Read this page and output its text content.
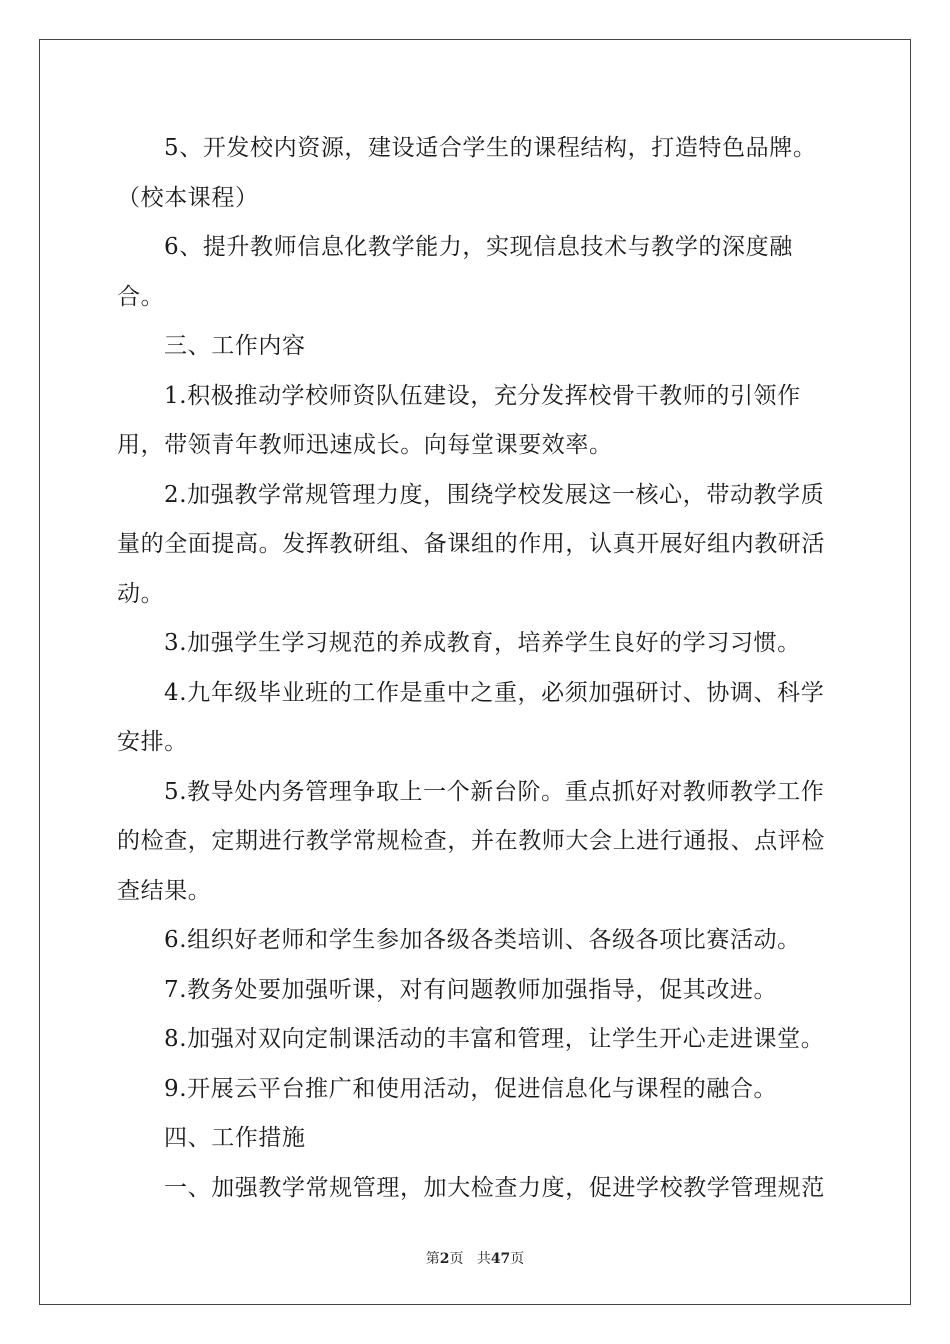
5、开发校内资源，建设适合学生的课程结构，打造特色品牌。

（校本课程）

6、提升教师信息化教学能力，实现信息技术与教学的深度融合。

三、工作内容

1.积极推动学校师资队伍建设，充分发挥校骨干教师的引领作用，带领青年教师迅速成长。向每堂课要效率。

2.加强教学常规管理力度，围绕学校发展这一核心，带动教学质量的全面提高。发挥教研组、备课组的作用，认真开展好组内教研活动。

3.加强学生学习规范的养成教育，培养学生良好的学习习惯。

4.九年级毕业班的工作是重中之重，必须加强研讨、协调、科学安排。

5.教导处内务管理争取上一个新台阶。重点抓好对教师教学工作的检查，定期进行教学常规检查，并在教师大会上进行通报、点评检查结果。

6.组织好老师和学生参加各级各类培训、各级各项比赛活动。

7.教务处要加强听课，对有问题教师加强指导，促其改进。

8.加强对双向定制课活动的丰富和管理，让学生开心走进课堂。

9.开展云平台推广和使用活动，促进信息化与课程的融合。

四、工作措施

一、加强教学常规管理，加大检查力度，促进学校教学管理规范

第2页 共47页
